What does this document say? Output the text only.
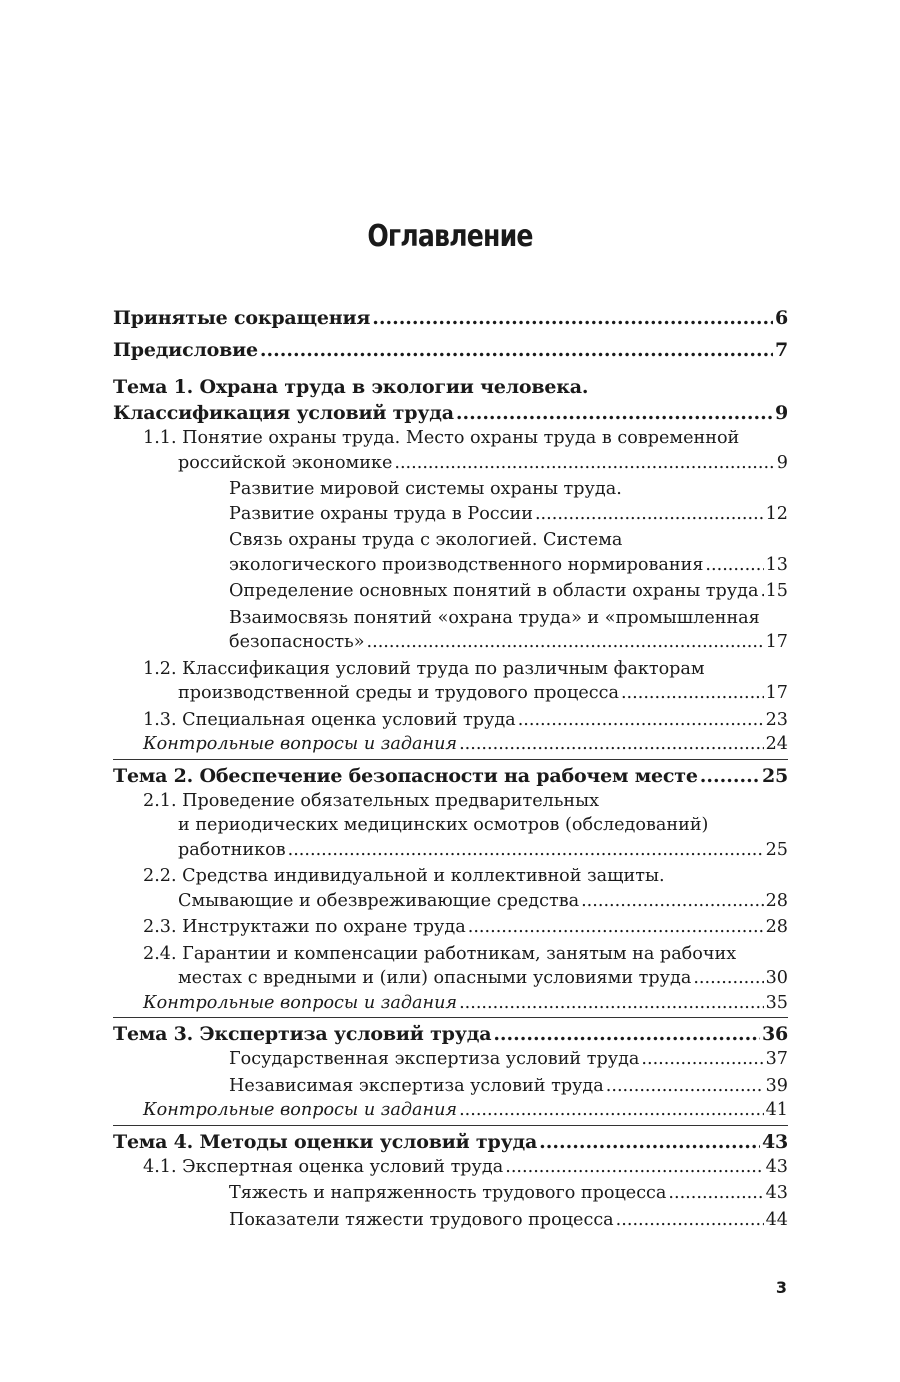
Оглавление
Принятые сокращения .....	6
Предисловие .....	7
Тема 1. Охрана труда в экологии человека.
Классификация условий труда .....	9
1.1. Понятие охраны труда. Место охраны труда в современной
российской экономике .....	9
Развитие мировой системы охраны труда.
Развитие охраны труда в России .....	12
Связь охраны труда с экологией. Система
экологического производственного нормирования .....	13
Определение основных понятий в области охраны труда ..... 15
Взаимосвязь понятий «охрана труда» и «промышленная
безопасность» .....	17
1.2. Классификация условий труда по различным факторам
производственной среды и трудового процесса .....	17
1.3. Специальная оценка условий труда .....	23
Контрольные вопросы и задания .....	24
Тема 2. Обеспечение безопасности на рабочем месте .....	25
2.1. Проведение обязательных предварительных
и периодических медицинских осмотров (обследований)
работников .....	25
2.2. Средства индивидуальной и коллективной защиты.
Смывающие и обезвреживающие средства .....	28
2.3. Инструктажи по охране труда .....	28
2.4. Гарантии и компенсации работникам, занятым на рабочих
местах с вредными и (или) опасными условиями труда .....	30
Контрольные вопросы и задания .....	35
Тема 3. Экспертиза условий труда .....	36
Государственная экспертиза условий труда .....	37
Независимая экспертиза условий труда .....	39
Контрольные вопросы и задания .....	41
Тема 4. Методы оценки условий труда .....	43
4.1. Экспертная оценка условий труда .....	43
Тяжесть и напряженность трудового процесса .....	43
Показатели тяжести трудового процесса .....	44
3
